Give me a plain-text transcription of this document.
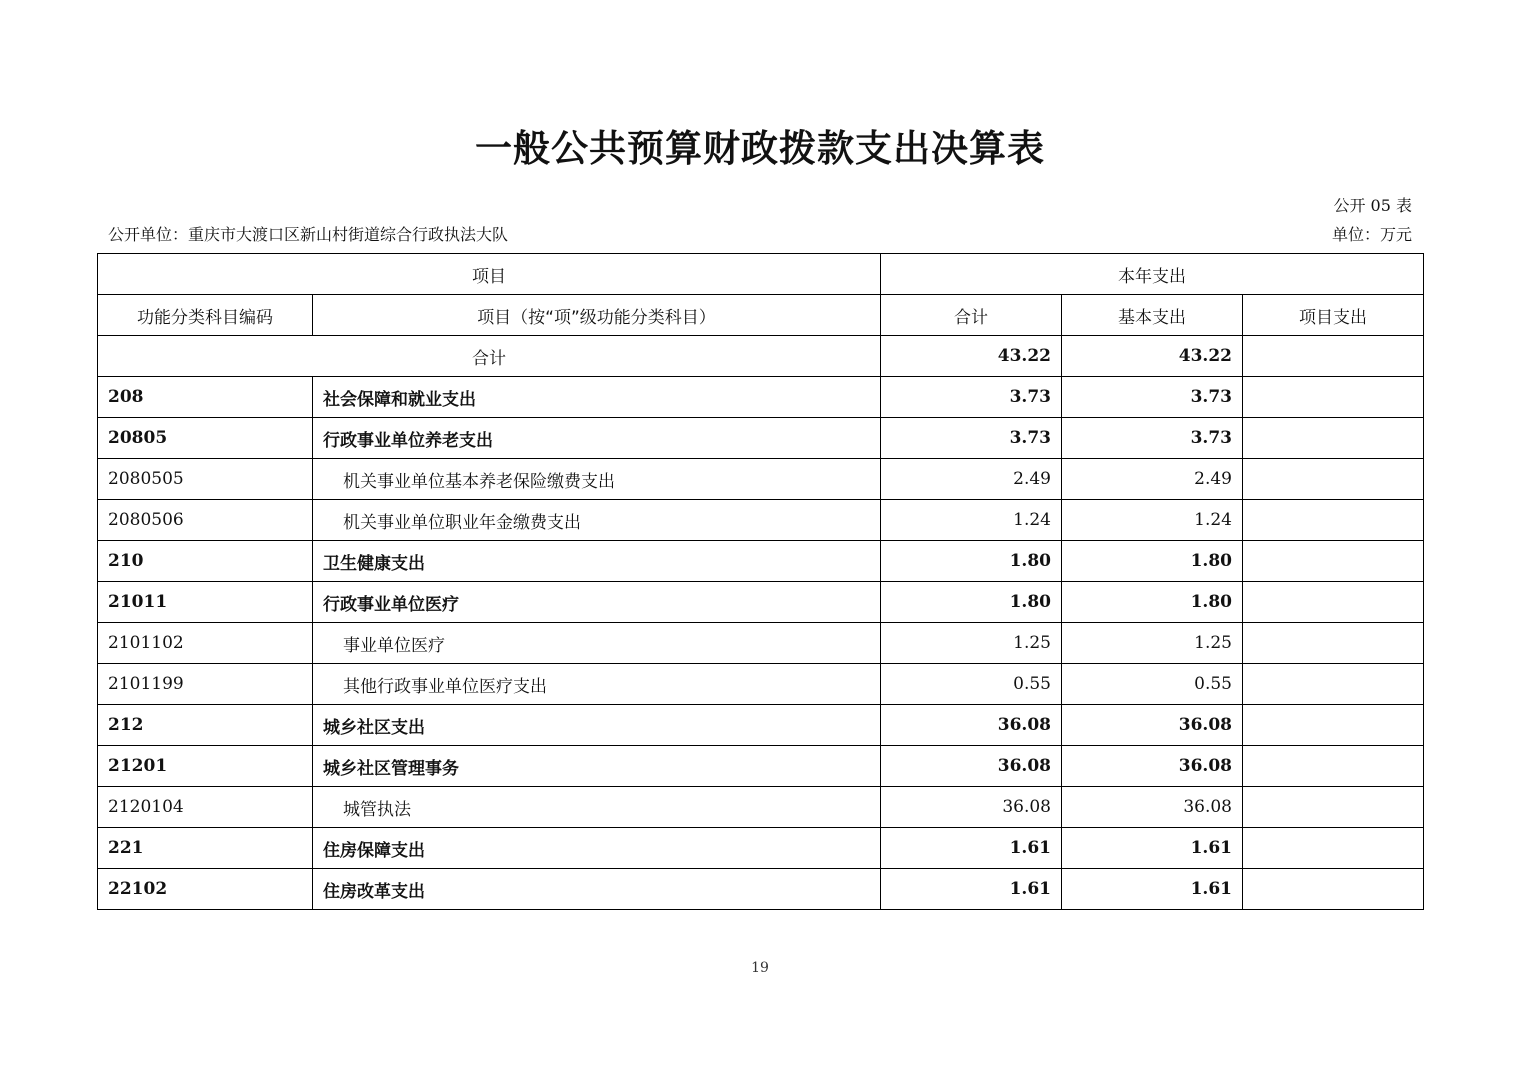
一般公共预算财政拨款支出决算表
公开 05 表
公开单位：重庆市大渡口区新山村街道综合行政执法大队	单位：万元
项目		本年支出		
功能分类科目编码	项目（按“项”级功能分类科目）	合计	基本支出	项目支出
合计		43.22	43.22	
208	社会保障和就业支出	3.73	3.73	
20805	行政事业单位养老支出	3.73	3.73	
2080505	机关事业单位基本养老保险缴费支出	2.49	2.49	
2080506	机关事业单位职业年金缴费支出	1.24	1.24	
210	卫生健康支出	1.80	1.80	
21011	行政事业单位医疗	1.80	1.80	
2101102	事业单位医疗	1.25	1.25	
2101199	其他行政事业单位医疗支出	0.55	0.55	
212	城乡社区支出	36.08	36.08	
21201	城乡社区管理事务	36.08	36.08	
2120104	城管执法	36.08	36.08	
221	住房保障支出	1.61	1.61	
22102	住房改革支出	1.61	1.61	
19
